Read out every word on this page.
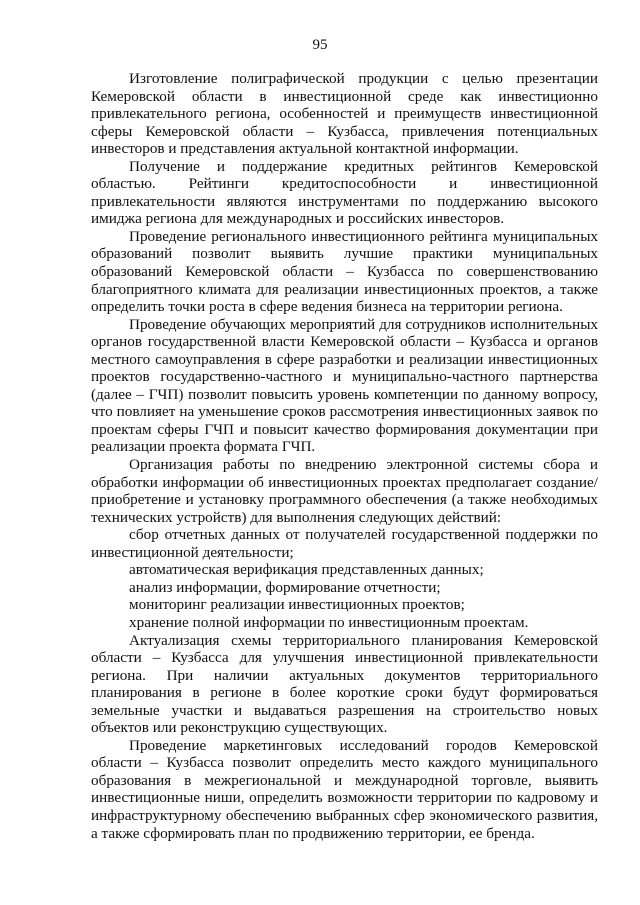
95

Изготовление полиграфической продукции с целью презентации Кемеровской области в инвестиционной среде как инвестиционно привлекательного региона, особенностей и преимуществ инвестиционной сферы Кемеровской области – Кузбасса, привлечения потенциальных инвесторов и представления актуальной контактной информации.

Получение и поддержание кредитных рейтингов Кемеровской областью. Рейтинги кредитоспособности и инвестиционной привлекательности являются инструментами по поддержанию высокого имиджа региона для международных и российских инвесторов.

Проведение регионального инвестиционного рейтинга муниципальных образований позволит выявить лучшие практики муниципальных образований Кемеровской области – Кузбасса по совершенствованию благоприятного климата для реализации инвестиционных проектов, а также определить точки роста в сфере ведения бизнеса на территории региона.

Проведение обучающих мероприятий для сотрудников исполнительных органов государственной власти Кемеровской области – Кузбасса и органов местного самоуправления в сфере разработки и реализации инвестиционных проектов государственно-частного и муниципально-частного партнерства (далее – ГЧП) позволит повысить уровень компетенции по данному вопросу, что повлияет на уменьшение сроков рассмотрения инвестиционных заявок по проектам сферы ГЧП и повысит качество формирования документации при реализации проекта формата ГЧП.

Организация работы по внедрению электронной системы сбора и обработки информации об инвестиционных проектах предполагает создание/приобретение и установку программного обеспечения (а также необходимых технических устройств) для выполнения следующих действий:

сбор отчетных данных от получателей государственной поддержки по инвестиционной деятельности;

автоматическая верификация представленных данных;

анализ информации, формирование отчетности;

мониторинг реализации инвестиционных проектов;

хранение полной информации по инвестиционным проектам.

Актуализация схемы территориального планирования Кемеровской области – Кузбасса для улучшения инвестиционной привлекательности региона. При наличии актуальных документов территориального планирования в регионе в более короткие сроки будут формироваться земельные участки и выдаваться разрешения на строительство новых объектов или реконструкцию существующих.

Проведение маркетинговых исследований городов Кемеровской области – Кузбасса позволит определить место каждого муниципального образования в межрегиональной и международной торговле, выявить инвестиционные ниши, определить возможности территории по кадровому и инфраструктурному обеспечению выбранных сфер экономического развития, а также сформировать план по продвижению территории, ее бренда.
